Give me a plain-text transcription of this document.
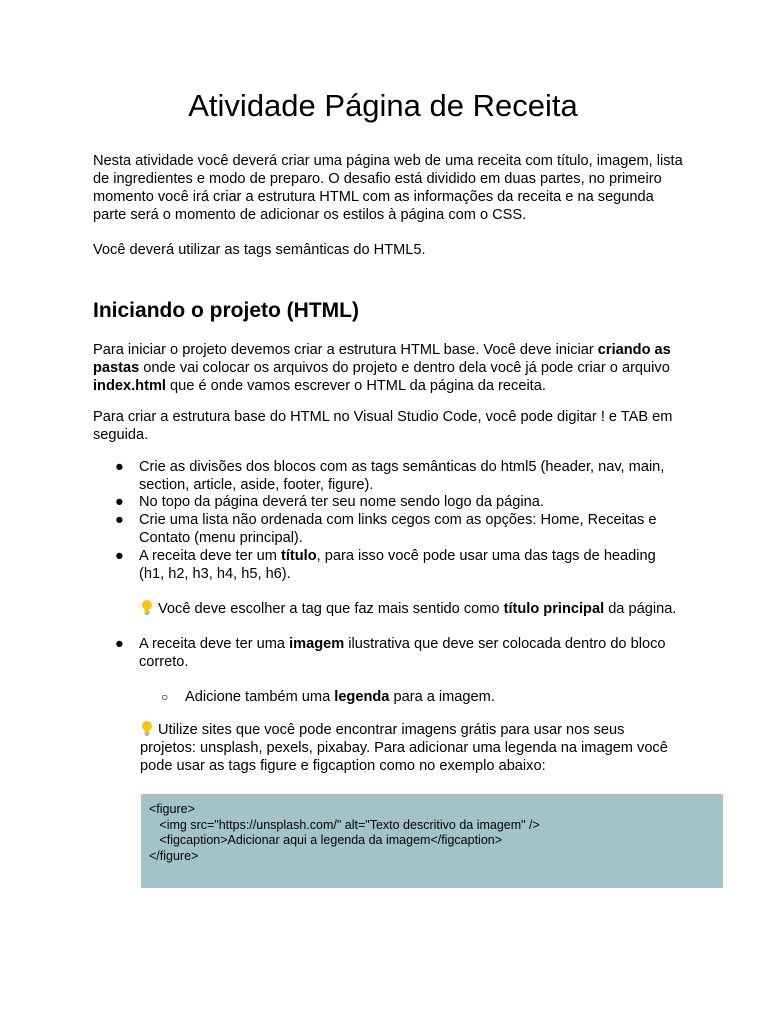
Atividade Página de Receita

Nesta atividade você deverá criar uma página web de uma receita com título, imagem, lista de ingredientes e modo de preparo. O desafio está dividido em duas partes, no primeiro momento você irá criar a estrutura HTML com as informações da receita e na segunda parte será o momento de adicionar os estilos à página com o CSS.

Você deverá utilizar as tags semânticas do HTML5.

Iniciando o projeto (HTML)

Para iniciar o projeto devemos criar a estrutura HTML base. Você deve iniciar criando as pastas onde vai colocar os arquivos do projeto e dentro dela você já pode criar o arquivo index.html que é onde vamos escrever o HTML da página da receita.

Para criar a estrutura base do HTML no Visual Studio Code, você pode digitar ! e TAB em seguida.

● Crie as divisões dos blocos com as tags semânticas do html5 (header, nav, main, section, article, aside, footer, figure).
● No topo da página deverá ter seu nome sendo logo da página.
● Crie uma lista não ordenada com links cegos com as opções: Home, Receitas e Contato (menu principal).
● A receita deve ter um título, para isso você pode usar uma das tags de heading (h1, h2, h3, h4, h5, h6).
Você deve escolher a tag que faz mais sentido como título principal da página.
● A receita deve ter uma imagem ilustrativa que deve ser colocada dentro do bloco correto.
○ Adicione também uma legenda para a imagem.
Utilize sites que você pode encontrar imagens grátis para usar nos seus projetos: unsplash, pexels, pixabay. Para adicionar uma legenda na imagem você pode usar as tags figure e figcaption como no exemplo abaixo:
<figure>
<img src="https://unsplash.com/" alt="Texto descritivo da imagem" />
<figcaption>Adicionar aqui a legenda da imagem</figcaption>
</figure>
